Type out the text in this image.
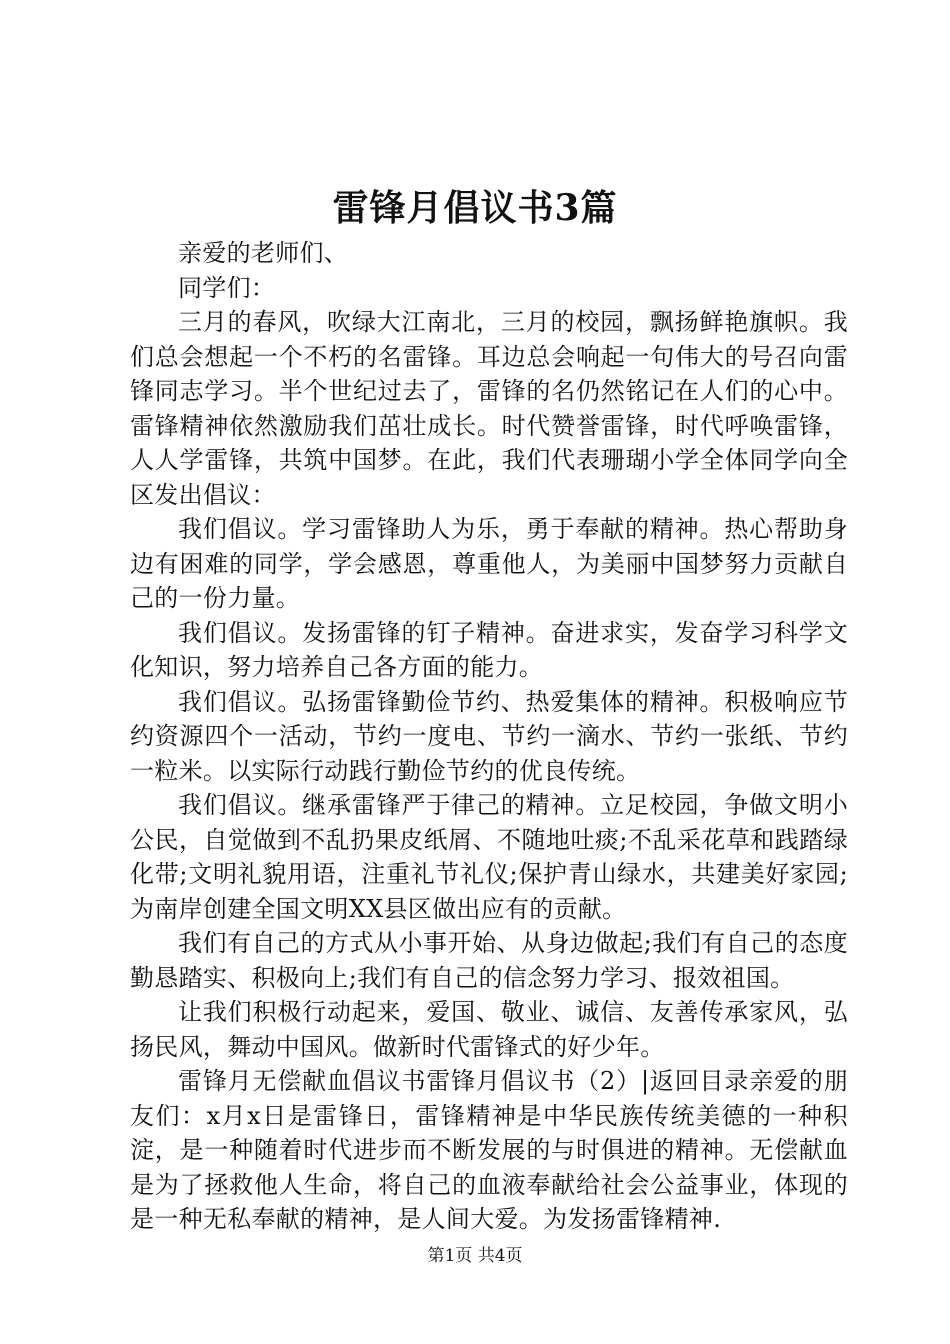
雷锋月倡议书3篇

亲爱的老师们、

同学们：

三月的春风，吹绿大江南北，三月的校园，飘扬鲜艳旗帜。我们总会想起一个不朽的名雷锋。耳边总会响起一句伟大的号召向雷锋同志学习。半个世纪过去了，雷锋的名仍然铭记在人们的心中。雷锋精神依然激励我们茁壮成长。时代赞誉雷锋，时代呼唤雷锋，人人学雷锋，共筑中国梦。在此，我们代表珊瑚小学全体同学向全区发出倡议：

我们倡议。学习雷锋助人为乐，勇于奉献的精神。热心帮助身边有困难的同学，学会感恩，尊重他人，为美丽中国梦努力贡献自己的一份力量。

我们倡议。发扬雷锋的钉子精神。奋进求实，发奋学习科学文化知识，努力培养自己各方面的能力。

我们倡议。弘扬雷锋勤俭节约、热爱集体的精神。积极响应节约资源四个一活动，节约一度电、节约一滴水、节约一张纸、节约一粒米。以实际行动践行勤俭节约的优良传统。

我们倡议。继承雷锋严于律己的精神。立足校园，争做文明小公民，自觉做到不乱扔果皮纸屑、不随地吐痰;不乱采花草和践踏绿化带;文明礼貌用语，注重礼节礼仪;保护青山绿水，共建美好家园;为南岸创建全国文明XX县区做出应有的贡献。

我们有自己的方式从小事开始、从身边做起;我们有自己的态度勤恳踏实、积极向上;我们有自己的信念努力学习、报效祖国。

让我们积极行动起来，爱国、敬业、诚信、友善传承家风，弘扬民风，舞动中国风。做新时代雷锋式的好少年。

雷锋月无偿献血倡议书雷锋月倡议书（2）|返回目录亲爱的朋友们：x月x日是雷锋日，雷锋精神是中华民族传统美德的一种积淀，是一种随着时代进步而不断发展的与时俱进的精神。无偿献血是为了拯救他人生命，将自己的血液奉献给社会公益事业，体现的是一种无私奉献的精神，是人间大爱。为发扬雷锋精神.

第1页 共4页
